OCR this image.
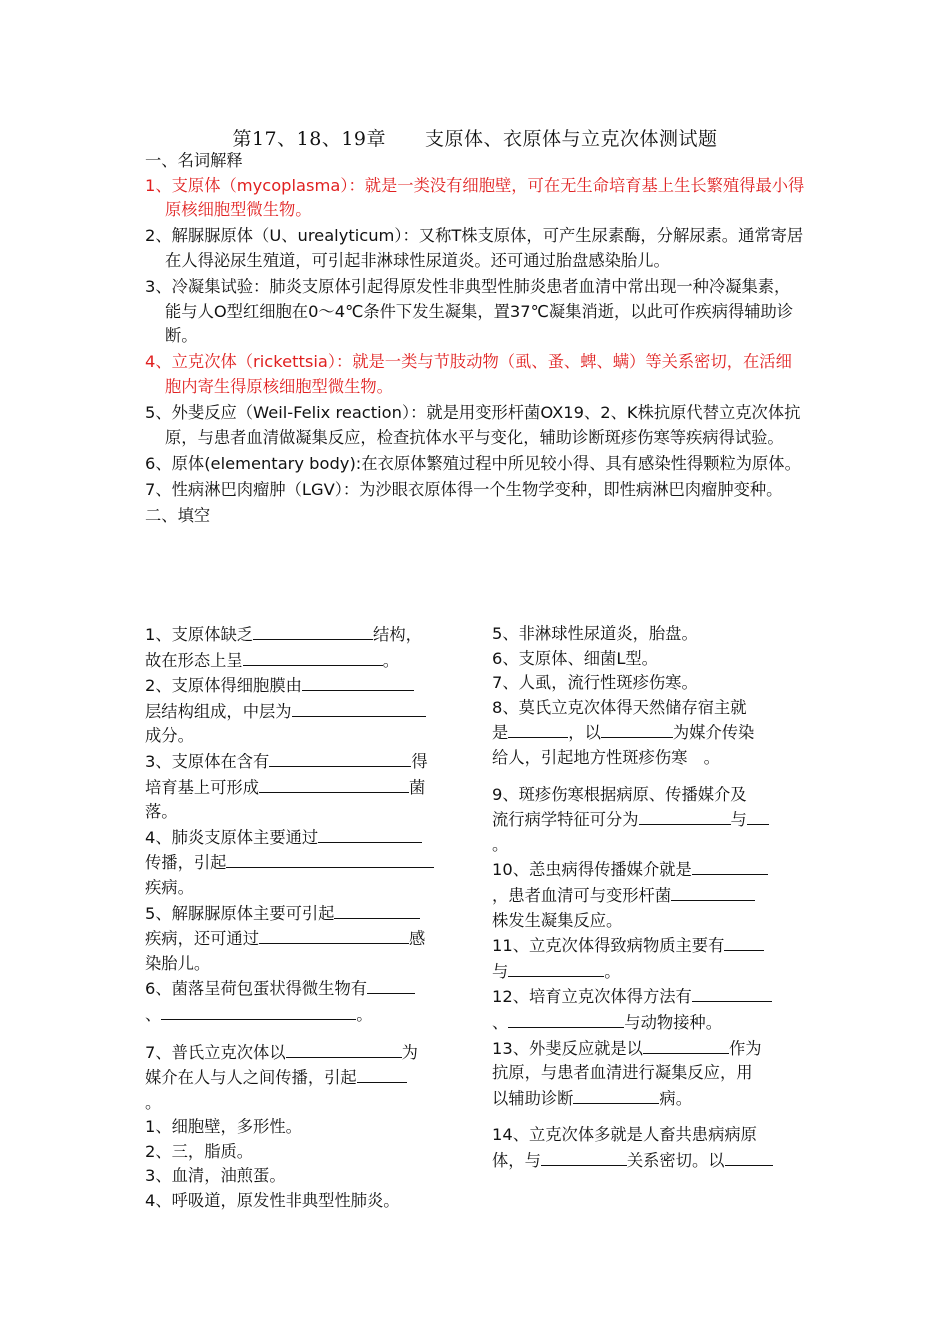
第17、18、19章　　支原体、衣原体与立克次体测试题

一、名词解释

1、支原体（mycoplasma）：就是一类没有细胞壁，可在无生命培育基上生长繁殖得最小得原核细胞型微生物。

2、解脲脲原体（U、urealyticum）：又称T株支原体，可产生尿素酶，分解尿素。通常寄居在人得泌尿生殖道，可引起非淋球性尿道炎。还可通过胎盘感染胎儿。

3、冷凝集试验：肺炎支原体引起得原发性非典型性肺炎患者血清中常出现一种冷凝集素，能与人O型红细胞在0～4℃条件下发生凝集，置37℃凝集消逝，以此可作疾病得辅助诊断。

4、立克次体（rickettsia）：就是一类与节肢动物（虱、蚤、蜱、螨）等关系密切，在活细胞内寄生得原核细胞型微生物。

5、外斐反应（Weil-Felix reaction）：就是用变形杆菌OX19、2、K株抗原代替立克次体抗原，与患者血清做凝集反应，检查抗体水平与变化，辅助诊断斑疹伤寒等疾病得试验。

6、原体(elementary body):在衣原体繁殖过程中所见较小得、具有感染性得颗粒为原体。

7、性病淋巴肉瘤肿（LGV）：为沙眼衣原体得一个生物学变种，即性病淋巴肉瘤肿变种。

二、填空

1、支原体缺乏	结构，
故在形态上呈	。
2、支原体得细胞膜由
层结构组成，中层为
成分。
3、支原体在含有	得
培育基上可形成	菌
落。
4、肺炎支原体主要通过
传播，引起
疾病。
5、解脲脲原体主要可引起
疾病，还可通过	感
染胎儿。
6、菌落呈荷包蛋状得微生物有
、	。
7、普氏立克次体以	为
媒介在人与人之间传播，引起
。

1、细胞壁，多形性。

2、三，脂质。

3、血清，油煎蛋。

4、呼吸道，原发性非典型性肺炎。

5、非淋球性尿道炎，胎盘。

6、支原体、细菌L型。

7、人虱，流行性斑疹伤寒。

8、莫氏立克次体得天然储存宿主就
是	，以	为媒介传染
给人，引起地方性斑疹伤寒　。
9、斑疹伤寒根据病原、传播媒介及
流行病学特征可分为	与
。
10、恙虫病得传播媒介就是
，患者血清可与变形杆菌
株发生凝集反应。
11、立克次体得致病物质主要有
与	。
12、培育立克次体得方法有
、	与动物接种。
13、外斐反应就是以	作为
抗原，与患者血清进行凝集反应，用
以辅助诊断	病。
14、立克次体多就是人畜共患病病原
体，与	关系密切。以
